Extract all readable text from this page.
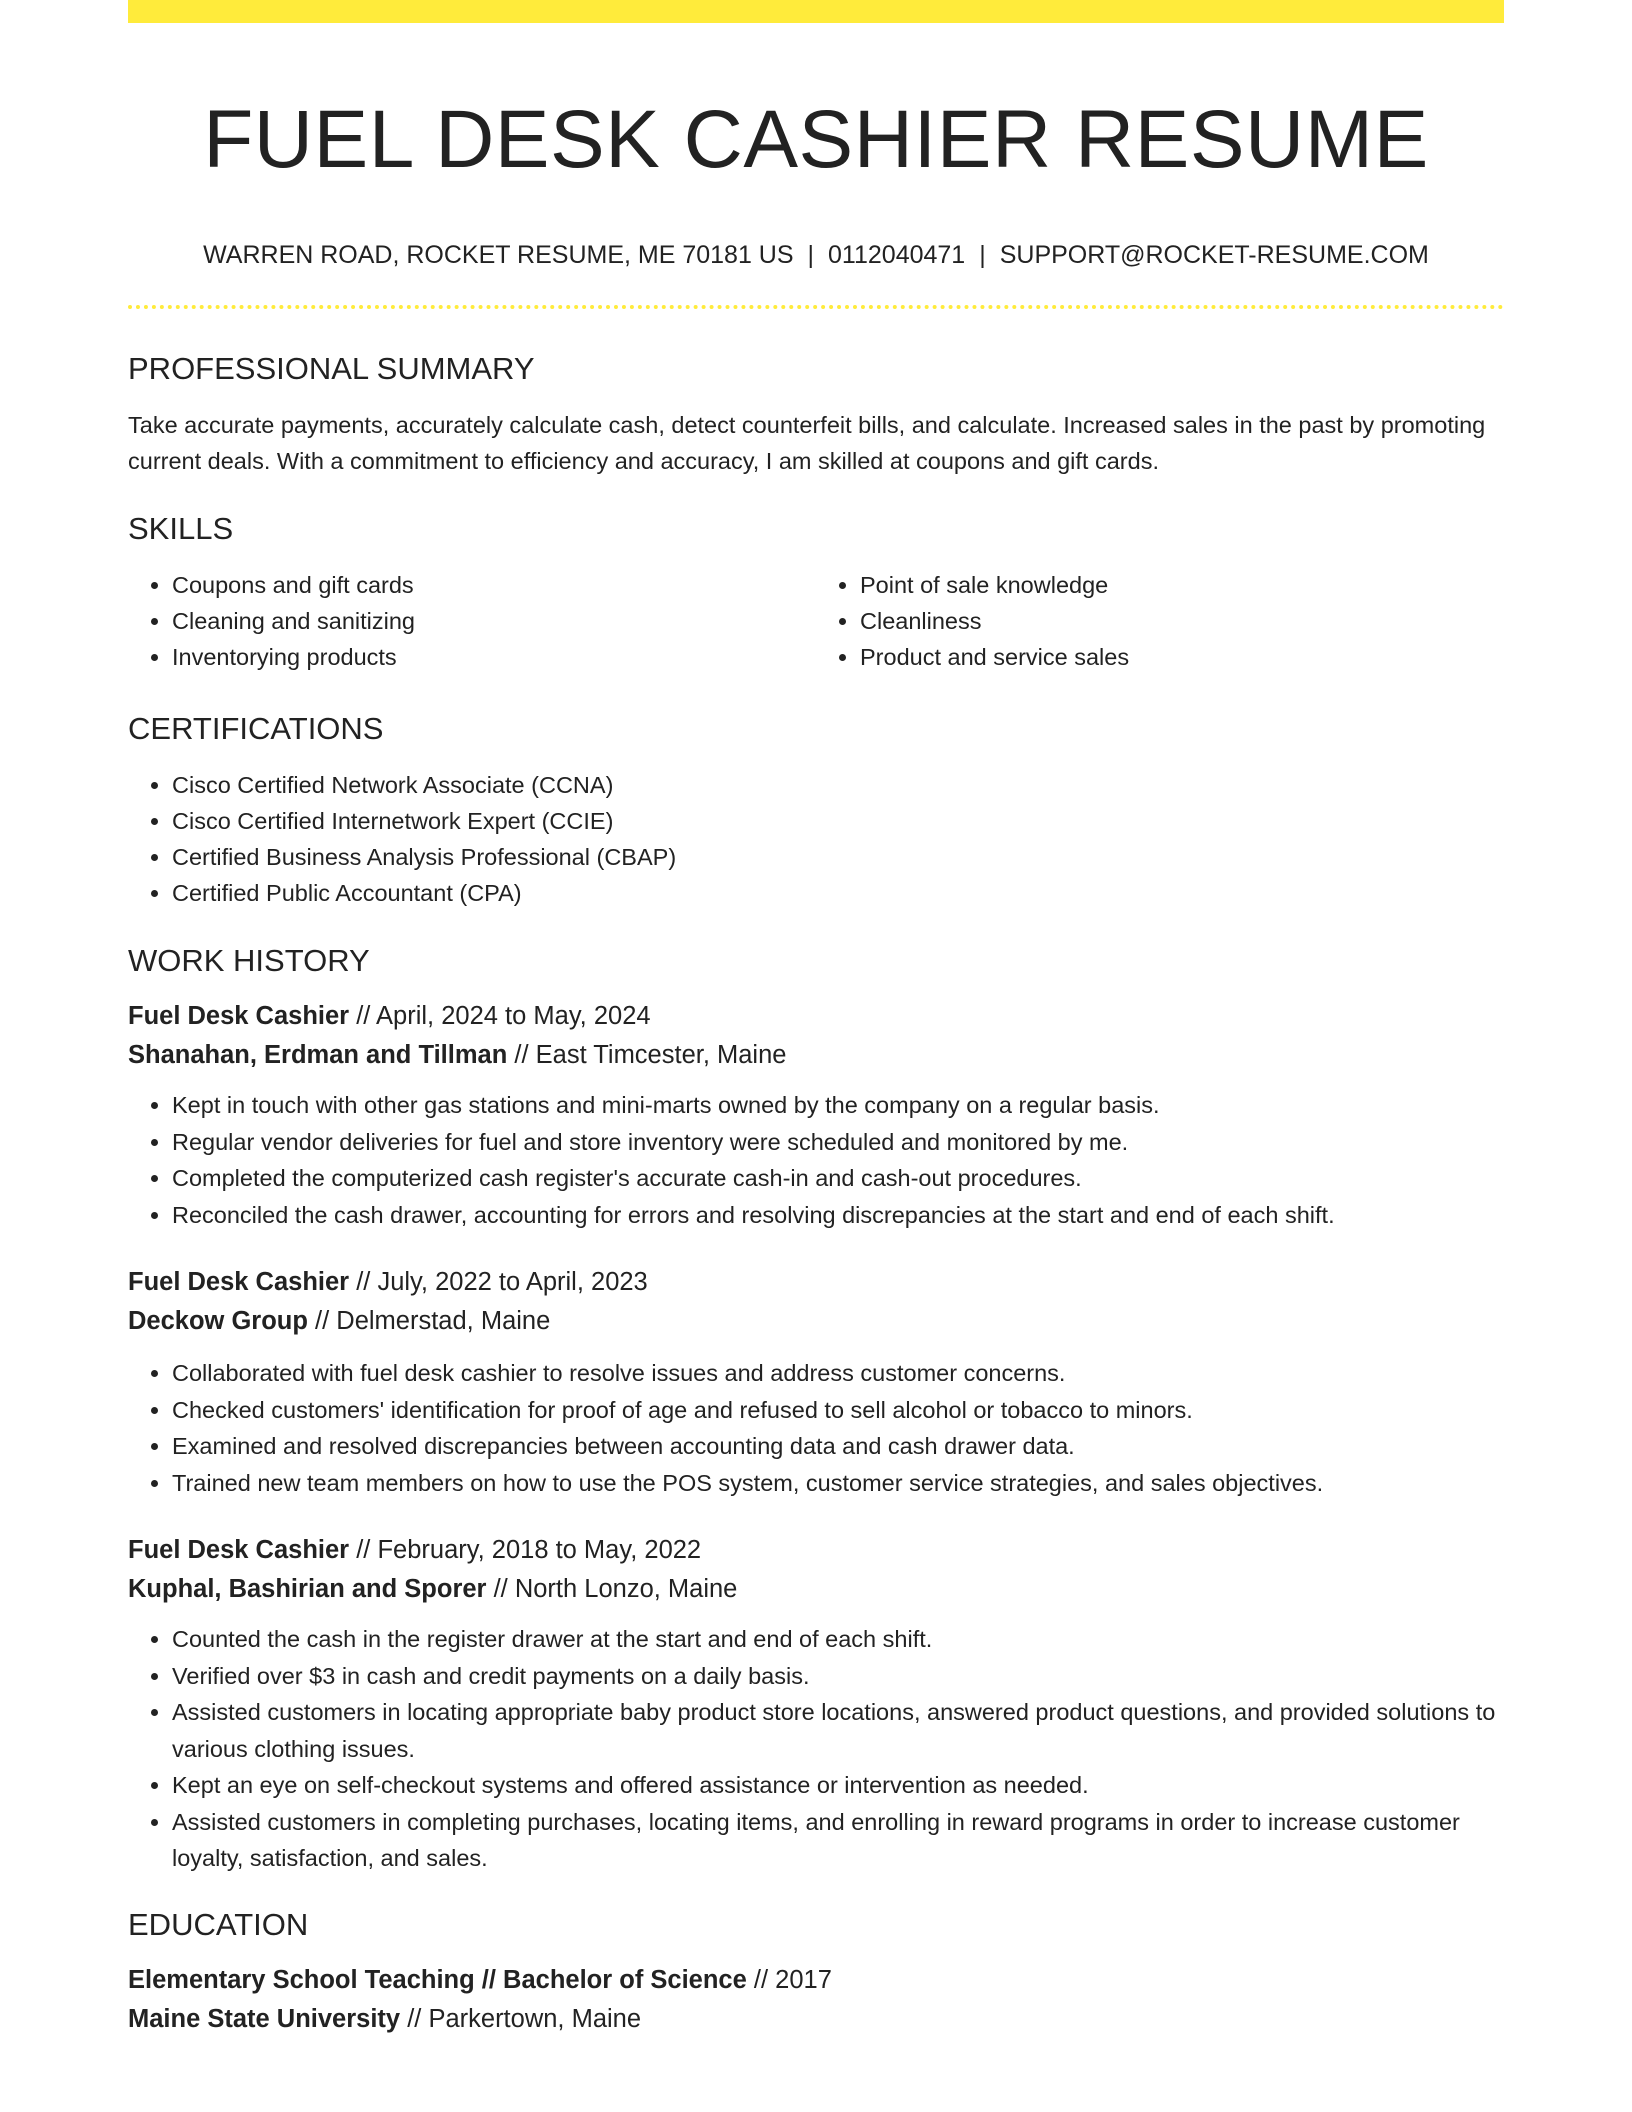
FUEL DESK CASHIER RESUME
WARREN ROAD, ROCKET RESUME, ME 70181 US | 0112040471 | SUPPORT@ROCKET-RESUME.COM
PROFESSIONAL SUMMARY

Take accurate payments, accurately calculate cash, detect counterfeit bills, and calculate. Increased sales in the past by promoting current deals. With a commitment to efficiency and accuracy, I am skilled at coupons and gift cards.

SKILLS
• Coupons and gift cards
• Cleaning and sanitizing
• Inventorying products
• Point of sale knowledge
• Cleanliness
• Product and service sales
CERTIFICATIONS
• Cisco Certified Network Associate (CCNA)
• Cisco Certified Internetwork Expert (CCIE)
• Certified Business Analysis Professional (CBAP)
• Certified Public Accountant (CPA)
WORK HISTORY
Fuel Desk Cashier // April, 2024 to May, 2024
Shanahan, Erdman and Tillman // East Timcester, Maine
• Kept in touch with other gas stations and mini-marts owned by the company on a regular basis.
• Regular vendor deliveries for fuel and store inventory were scheduled and monitored by me.
• Completed the computerized cash register's accurate cash-in and cash-out procedures.
• Reconciled the cash drawer, accounting for errors and resolving discrepancies at the start and end of each shift.
Fuel Desk Cashier // July, 2022 to April, 2023
Deckow Group // Delmerstad, Maine
• Collaborated with fuel desk cashier to resolve issues and address customer concerns.
• Checked customers' identification for proof of age and refused to sell alcohol or tobacco to minors.
• Examined and resolved discrepancies between accounting data and cash drawer data.
• Trained new team members on how to use the POS system, customer service strategies, and sales objectives.
Fuel Desk Cashier // February, 2018 to May, 2022
Kuphal, Bashirian and Sporer // North Lonzo, Maine
• Counted the cash in the register drawer at the start and end of each shift.
• Verified over $3 in cash and credit payments on a daily basis.
• Assisted customers in locating appropriate baby product store locations, answered product questions, and provided solutions to various clothing issues.
• Kept an eye on self-checkout systems and offered assistance or intervention as needed.
• Assisted customers in completing purchases, locating items, and enrolling in reward programs in order to increase customer loyalty, satisfaction, and sales.
EDUCATION
Elementary School Teaching // Bachelor of Science // 2017
Maine State University // Parkertown, Maine
